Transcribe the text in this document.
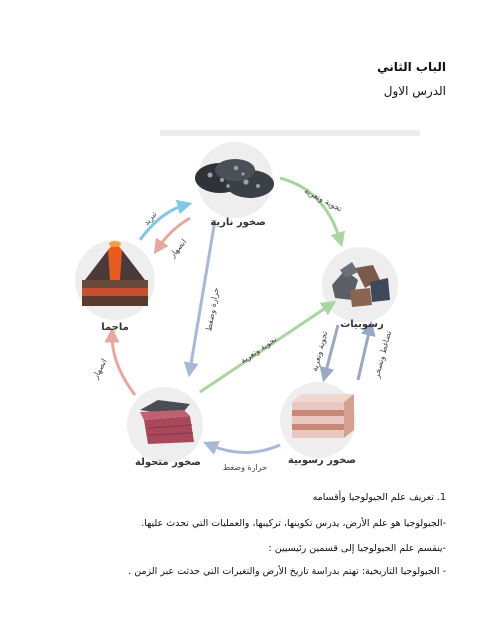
الباب الثاني
الدرس الاول
صخور نارية
رسوبيات
صخور رسوبية
صخور متحولة
ماجما
تجوية وتعرية
تجوية وتعرية	تجوية وتعرية	تضاغط وتصخر
حرارة وضغط
حرارة وضغط
انصهار
تبريد
انصهار
1. تعريف علم الجيولوجيا وأقسامه
-الجيولوجيا هو علم الأرض، يدرس تكوينها، تركيبها، والعمليات التي تحدث عليها.
-ينقسم علم الجيولوجيا إلى قسمين رئيسيين :
- الجيولوجيا التاريخية: تهتم بدراسة تاريخ الأرض والتغيرات التي حدثت عبر الزمن .
